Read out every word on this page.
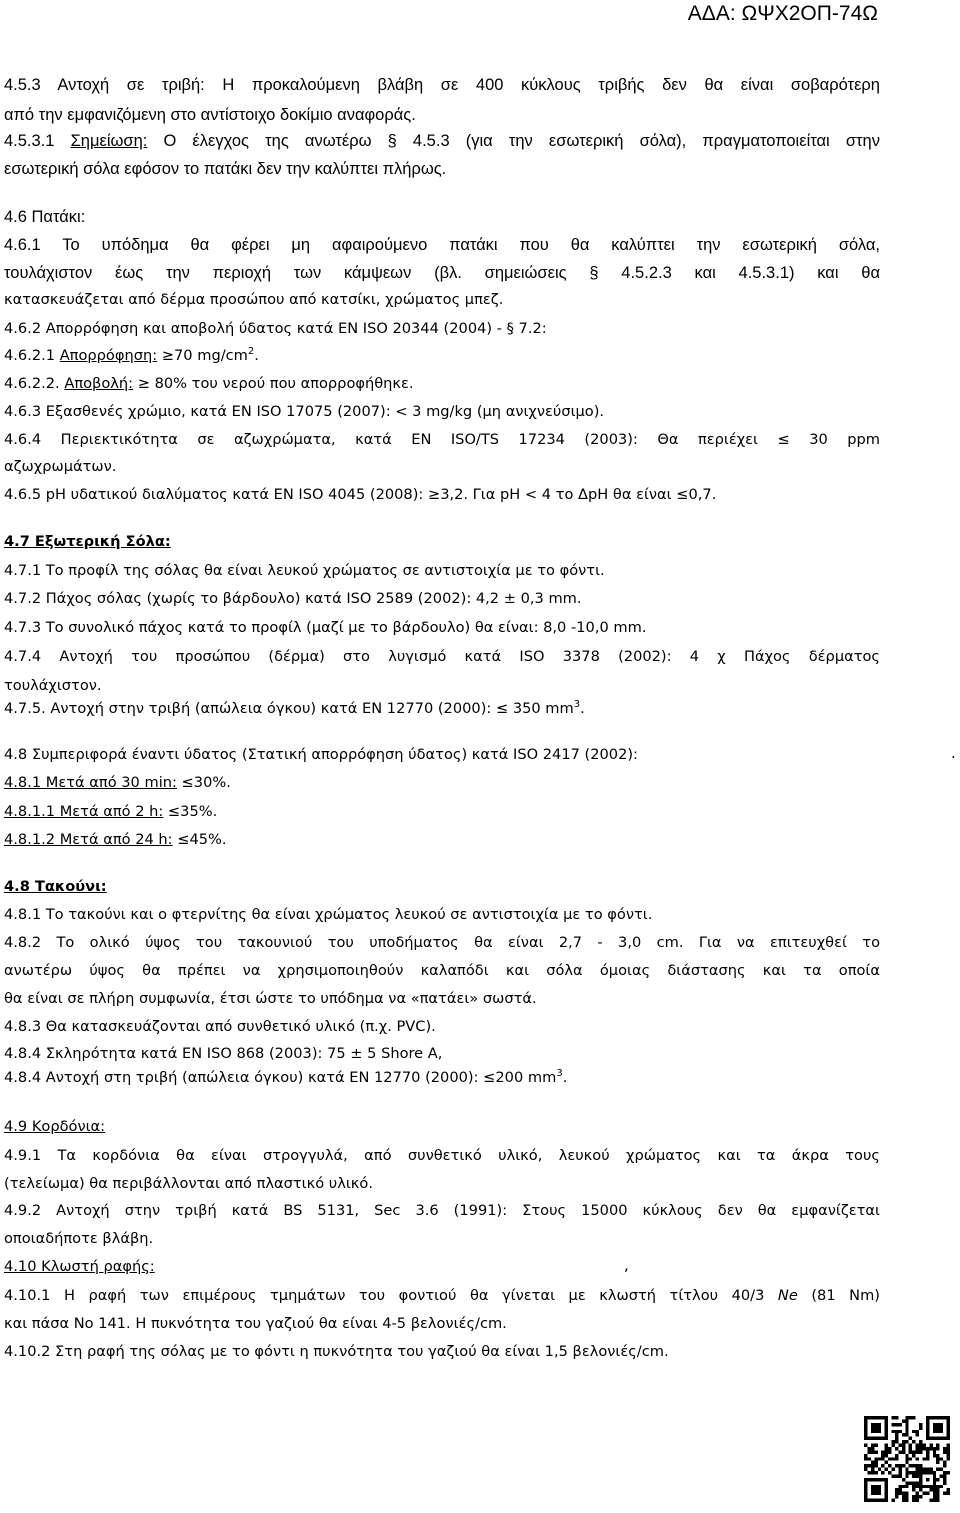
ΑΔΑ: ΩΨΧ2ΟΠ-74Ω
4.5.3 Αντοχή σε τριβή: Η προκαλούμενη βλάβη σε 400 κύκλους τριβής δεν θα είναι σοβαρότερη
από την εμφανιζόμενη στο αντίστοιχο δοκίμιο αναφοράς.
4.5.3.1 Σημείωση: Ο έλεγχος της ανωτέρω § 4.5.3 (για την εσωτερική σόλα), πραγματοποιείται στην
εσωτερική σόλα εφόσον το πατάκι δεν την καλύπτει πλήρως.
4.6 Πατάκι:
4.6.1 Το υπόδημα θα φέρει μη αφαιρούμενο πατάκι που θα καλύπτει την εσωτερική σόλα,
τουλάχιστον έως την περιοχή των κάμψεων (βλ. σημειώσεις § 4.5.2.3 και 4.5.3.1) και θα
κατασκευάζεται από δέρμα προσώπου από κατσίκι, χρώματος μπεζ.
4.6.2 Απορρόφηση και αποβολή ύδατος κατά EN ISO 20344 (2004) - § 7.2:
4.6.2.1 Απορρόφηση: ≥70 $mg/cm^2$.
4.6.2.2. Αποβολή: ≥ 80% του νερού που απορροφήθηκε.
4.6.3 Εξασθενές χρώμιο, κατά EN ISO 17075 (2007): < 3 mg/kg (μη ανιχνεύσιμο).
4.6.4 Περιεκτικότητα σε αζωχρώματα, κατά EN ISO/TS 17234 (2003): Θα περιέχει ≤ 30 ppm
αζωχρωμάτων.
4.6.5 pH υδατικού διαλύματος κατά EN ISO 4045 (2008): ≥3,2. Για pH < 4 το ΔpH θα είναι ≤0,7.
4.7 Εξωτερική Σόλα:
4.7.1 Το προφίλ της σόλας θα είναι λευκού χρώματος σε αντιστοιχία με το φόντι.
4.7.2 Πάχος σόλας (χωρίς το βάρδουλο) κατά ISO 2589 (2002): 4,2 ± 0,3 mm.
4.7.3 Το συνολικό πάχος κατά το προφίλ (μαζί με το βάρδουλο) θα είναι: 8,0 -10,0 mm.
4.7.4 Αντοχή του προσώπου (δέρμα) στο λυγισμό κατά ISO 3378 (2002): 4 χ Πάχος δέρματος
τουλάχιστον.
4.7.5. Αντοχή στην τριβή (απώλεια όγκου) κατά EN 12770 (2000): ≤ 350 $mm^3$.
4.8 Συμπεριφορά έναντι ύδατος (Στατική απορρόφηση ύδατος) κατά ISO 2417 (2002):
4.8.1 Μετά από 30 min: ≤30%.
4.8.1.1 Μετά από 2 h: ≤35%.
4.8.1.2 Μετά από 24 h: ≤45%.
4.8 Τακούνι:
4.8.1 Το τακούνι και ο φτερνίτης θα είναι χρώματος λευκού σε αντιστοιχία με το φόντι.
4.8.2 Το ολικό ύψος του τακουνιού του υποδήματος θα είναι 2,7 - 3,0 cm. Για να επιτευχθεί το
ανωτέρω ύψος θα πρέπει να χρησιμοποιηθούν καλαπόδι και σόλα όμοιας διάστασης και τα οποία
θα είναι σε πλήρη συμφωνία, έτσι ώστε το υπόδημα να «πατάει» σωστά.
4.8.3 Θα κατασκευάζονται από συνθετικό υλικό (π.χ. PVC).
4.8.4 Σκληρότητα κατά EN ISO 868 (2003): 75 ± 5 Shore A,
4.8.4 Αντοχή στη τριβή (απώλεια όγκου) κατά EN 12770 (2000): ≤200 $mm^3$.
4.9 Κορδόνια:
4.9.1 Τα κορδόνια θα είναι στρογγυλά, από συνθετικό υλικό, λευκού χρώματος και τα άκρα τους
(τελείωμα) θα περιβάλλονται από πλαστικό υλικό.
4.9.2 Αντοχή στην τριβή κατά BS 5131, Sec 3.6 (1991): Στους 15000 κύκλους δεν θα εμφανίζεται
οποιαδήποτε βλάβη.
4.10 Κλωστή ραφής:
4.10.1 Η ραφή των επιμέρους τμημάτων του φοντιού θα γίνεται με κλωστή τίτλου 40/3 Ne (81 Nm)
και πάσα No 141. Η πυκνότητα του γαζιού θα είναι 4-5 βελονιές/cm.
4.10.2 Στη ραφή της σόλας με το φόντι η πυκνότητα του γαζιού θα είναι 1,5 βελονιές/cm.
.
,
